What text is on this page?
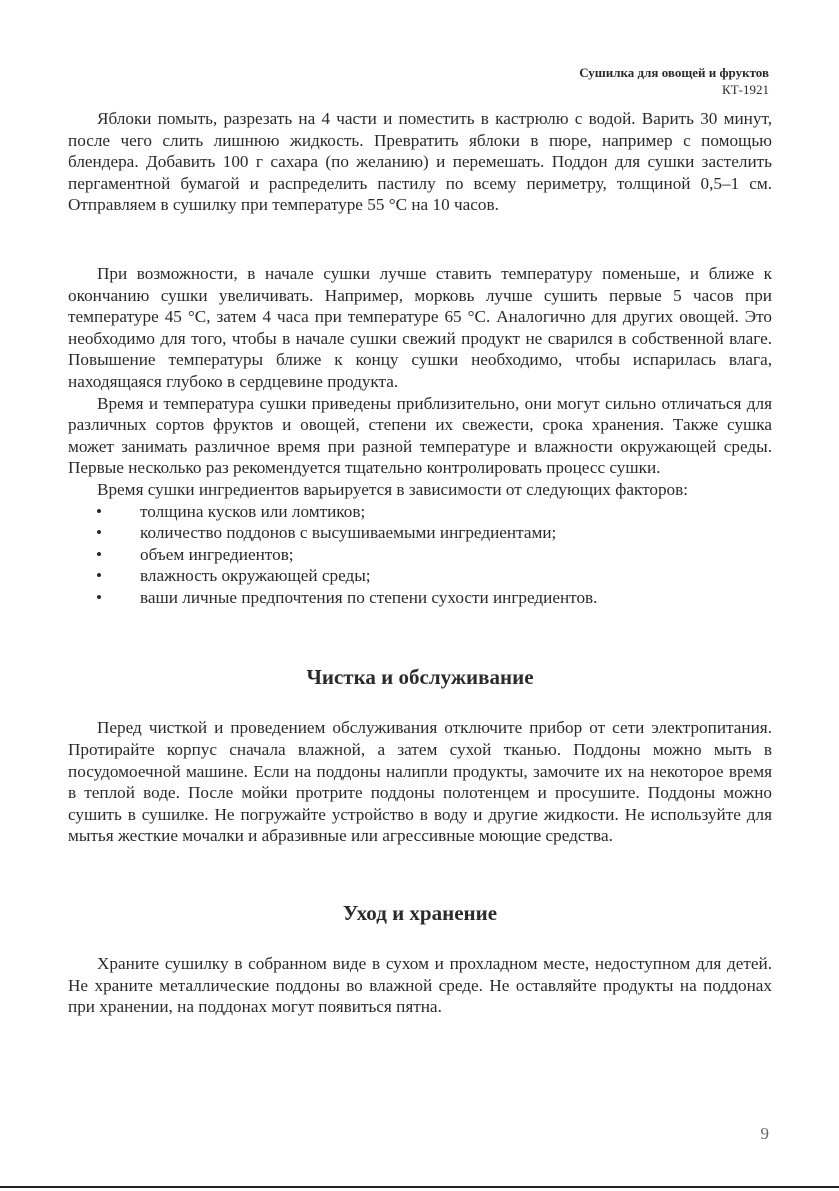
Сушилка для овощей и фруктов
КТ-1921

Яблоки помыть, разрезать на 4 части и поместить в кастрюлю с водой. Варить 30 минут, после чего слить лишнюю жидкость. Превратить яблоки в пюре, например с помощью блендера. Добавить 100 г сахара (по желанию) и перемешать. Поддон для сушки застелить пергаментной бумагой и распределить пастилу по всему периметру, толщиной 0,5–1 см. Отправляем в сушилку при температуре 55 °C на 10 часов.

При возможности, в начале сушки лучше ставить температуру поменьше, и ближе к окончанию сушки увеличивать. Например, морковь лучше сушить первые 5 часов при температуре 45 °C, затем 4 часа при температуре 65 °C. Аналогично для других овощей. Это необходимо для того, чтобы в начале сушки свежий продукт не сварился в собственной влаге. Повышение температуры ближе к концу сушки необходимо, чтобы испарилась влага, находящаяся глубоко в сердцевине продукта.

Время и температура сушки приведены приблизительно, они могут сильно отличаться для различных сортов фруктов и овощей, степени их свежести, срока хранения. Также сушка может занимать различное время при разной температуре и влажности окружающей среды. Первые несколько раз рекомендуется тщательно контролировать процесс сушки.

Время сушки ингредиентов варьируется в зависимости от следующих факторов:

• толщина кусков или ломтиков;
• количество поддонов с высушиваемыми ингредиентами;
• объем ингредиентов;
• влажность окружающей среды;
• ваши личные предпочтения по степени сухости ингредиентов.
Чистка и обслуживание

Перед чисткой и проведением обслуживания отключите прибор от сети электропитания. Протирайте корпус сначала влажной, а затем сухой тканью. Поддоны можно мыть в посудомоечной машине. Если на поддоны налипли продукты, замочите их на некоторое время в теплой воде. После мойки протрите поддоны полотенцем и просушите. Поддоны можно сушить в сушилке. Не погружайте устройство в воду и другие жидкости. Не используйте для мытья жесткие мочалки и абразивные или агрессивные моющие средства.

Уход и хранение

Храните сушилку в собранном виде в сухом и прохладном месте, недоступном для детей. Не храните металлические поддоны во влажной среде. Не оставляйте продукты на поддонах при хранении, на поддонах могут появиться пятна.

9
